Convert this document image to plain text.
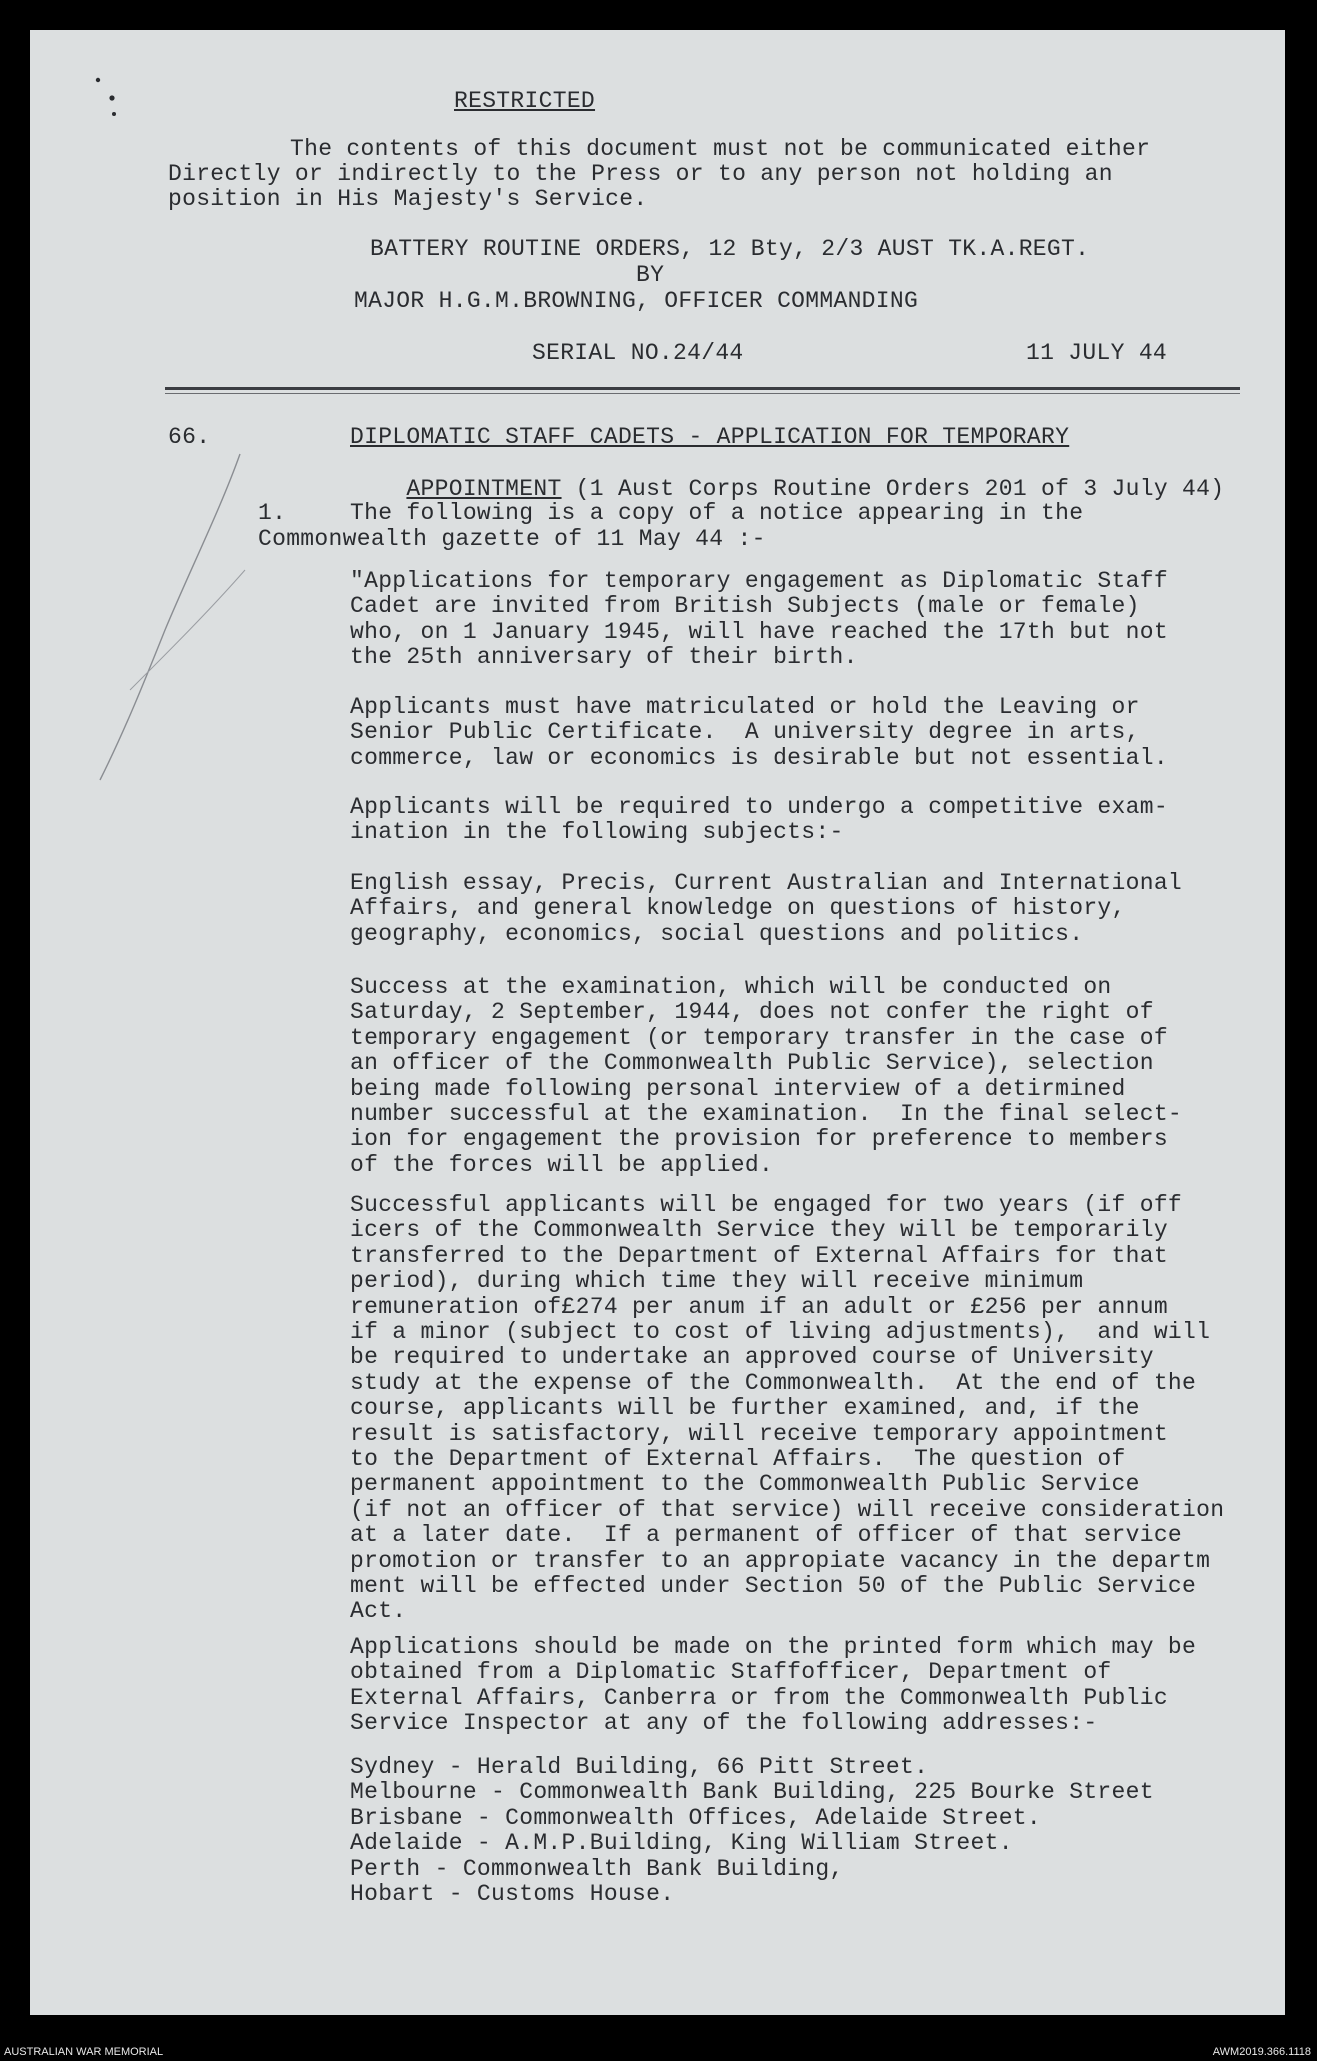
RESTRICTED
The contents of this document must not be communicated either
Directly or indirectly to the Press or to any person not holding an
position in His Majesty's Service.
BATTERY ROUTINE ORDERS, 12 Bty, 2/3 AUST TK.A.REGT.
BY
MAJOR H.G.M.BROWNING, OFFICER COMMANDING
SERIAL NO.24/44	11 JULY 44
66.	DIPLOMATIC STAFF CADETS - APPLICATION FOR TEMPORARY

APPOINTMENT (1 Aust Corps Routine Orders 201 of 3 July 44)

1.	The following is a copy of a notice appearing in the
Commonwealth gazette of 11 May 44 :-
"Applications for temporary engagement as Diplomatic Staff
Cadet are invited from British Subjects (male or female)
who, on 1 January 1945, will have reached the 17th but not
the 25th anniversary of their birth.
Applicants must have matriculated or hold the Leaving or
Senior Public Certificate.  A university degree in arts,
commerce, law or economics is desirable but not essential.
Applicants will be required to undergo a competitive exam-
ination in the following subjects:-
English essay, Precis, Current Australian and International
Affairs, and general knowledge on questions of history,
geography, economics, social questions and politics.
Success at the examination, which will be conducted on
Saturday, 2 September, 1944, does not confer the right of
temporary engagement (or temporary transfer in the case of
an officer of the Commonwealth Public Service), selection
being made following personal interview of a detirmined
number successful at the examination.  In the final select-
ion for engagement the provision for preference to members
of the forces will be applied.
Successful applicants will be engaged for two years (if off
icers of the Commonwealth Service they will be temporarily
transferred to the Department of External Affairs for that
period), during which time they will receive minimum
remuneration of£274 per anum if an adult or £256 per annum
if a minor (subject to cost of living adjustments),  and will
be required to undertake an approved course of University
study at the expense of the Commonwealth.  At the end of the
course, applicants will be further examined, and, if the
result is satisfactory, will receive temporary appointment
to the Department of External Affairs.  The question of
permanent appointment to the Commonwealth Public Service
(if not an officer of that service) will receive consideration
at a later date.  If a permanent of officer of that service
promotion or transfer to an appropiate vacancy in the departm
ment will be effected under Section 50 of the Public Service
Act.
Applications should be made on the printed form which may be
obtained from a Diplomatic Staffofficer, Department of
External Affairs, Canberra or from the Commonwealth Public
Service Inspector at any of the following addresses:-
Sydney - Herald Building, 66 Pitt Street.
Melbourne - Commonwealth Bank Building, 225 Bourke Street
Brisbane - Commonwealth Offices, Adelaide Street.
Adelaide - A.M.P.Building, King William Street.
Perth - Commonwealth Bank Building,
Hobart - Customs House.
AUSTRALIAN WAR MEMORIAL	AWM2019.366.1118
